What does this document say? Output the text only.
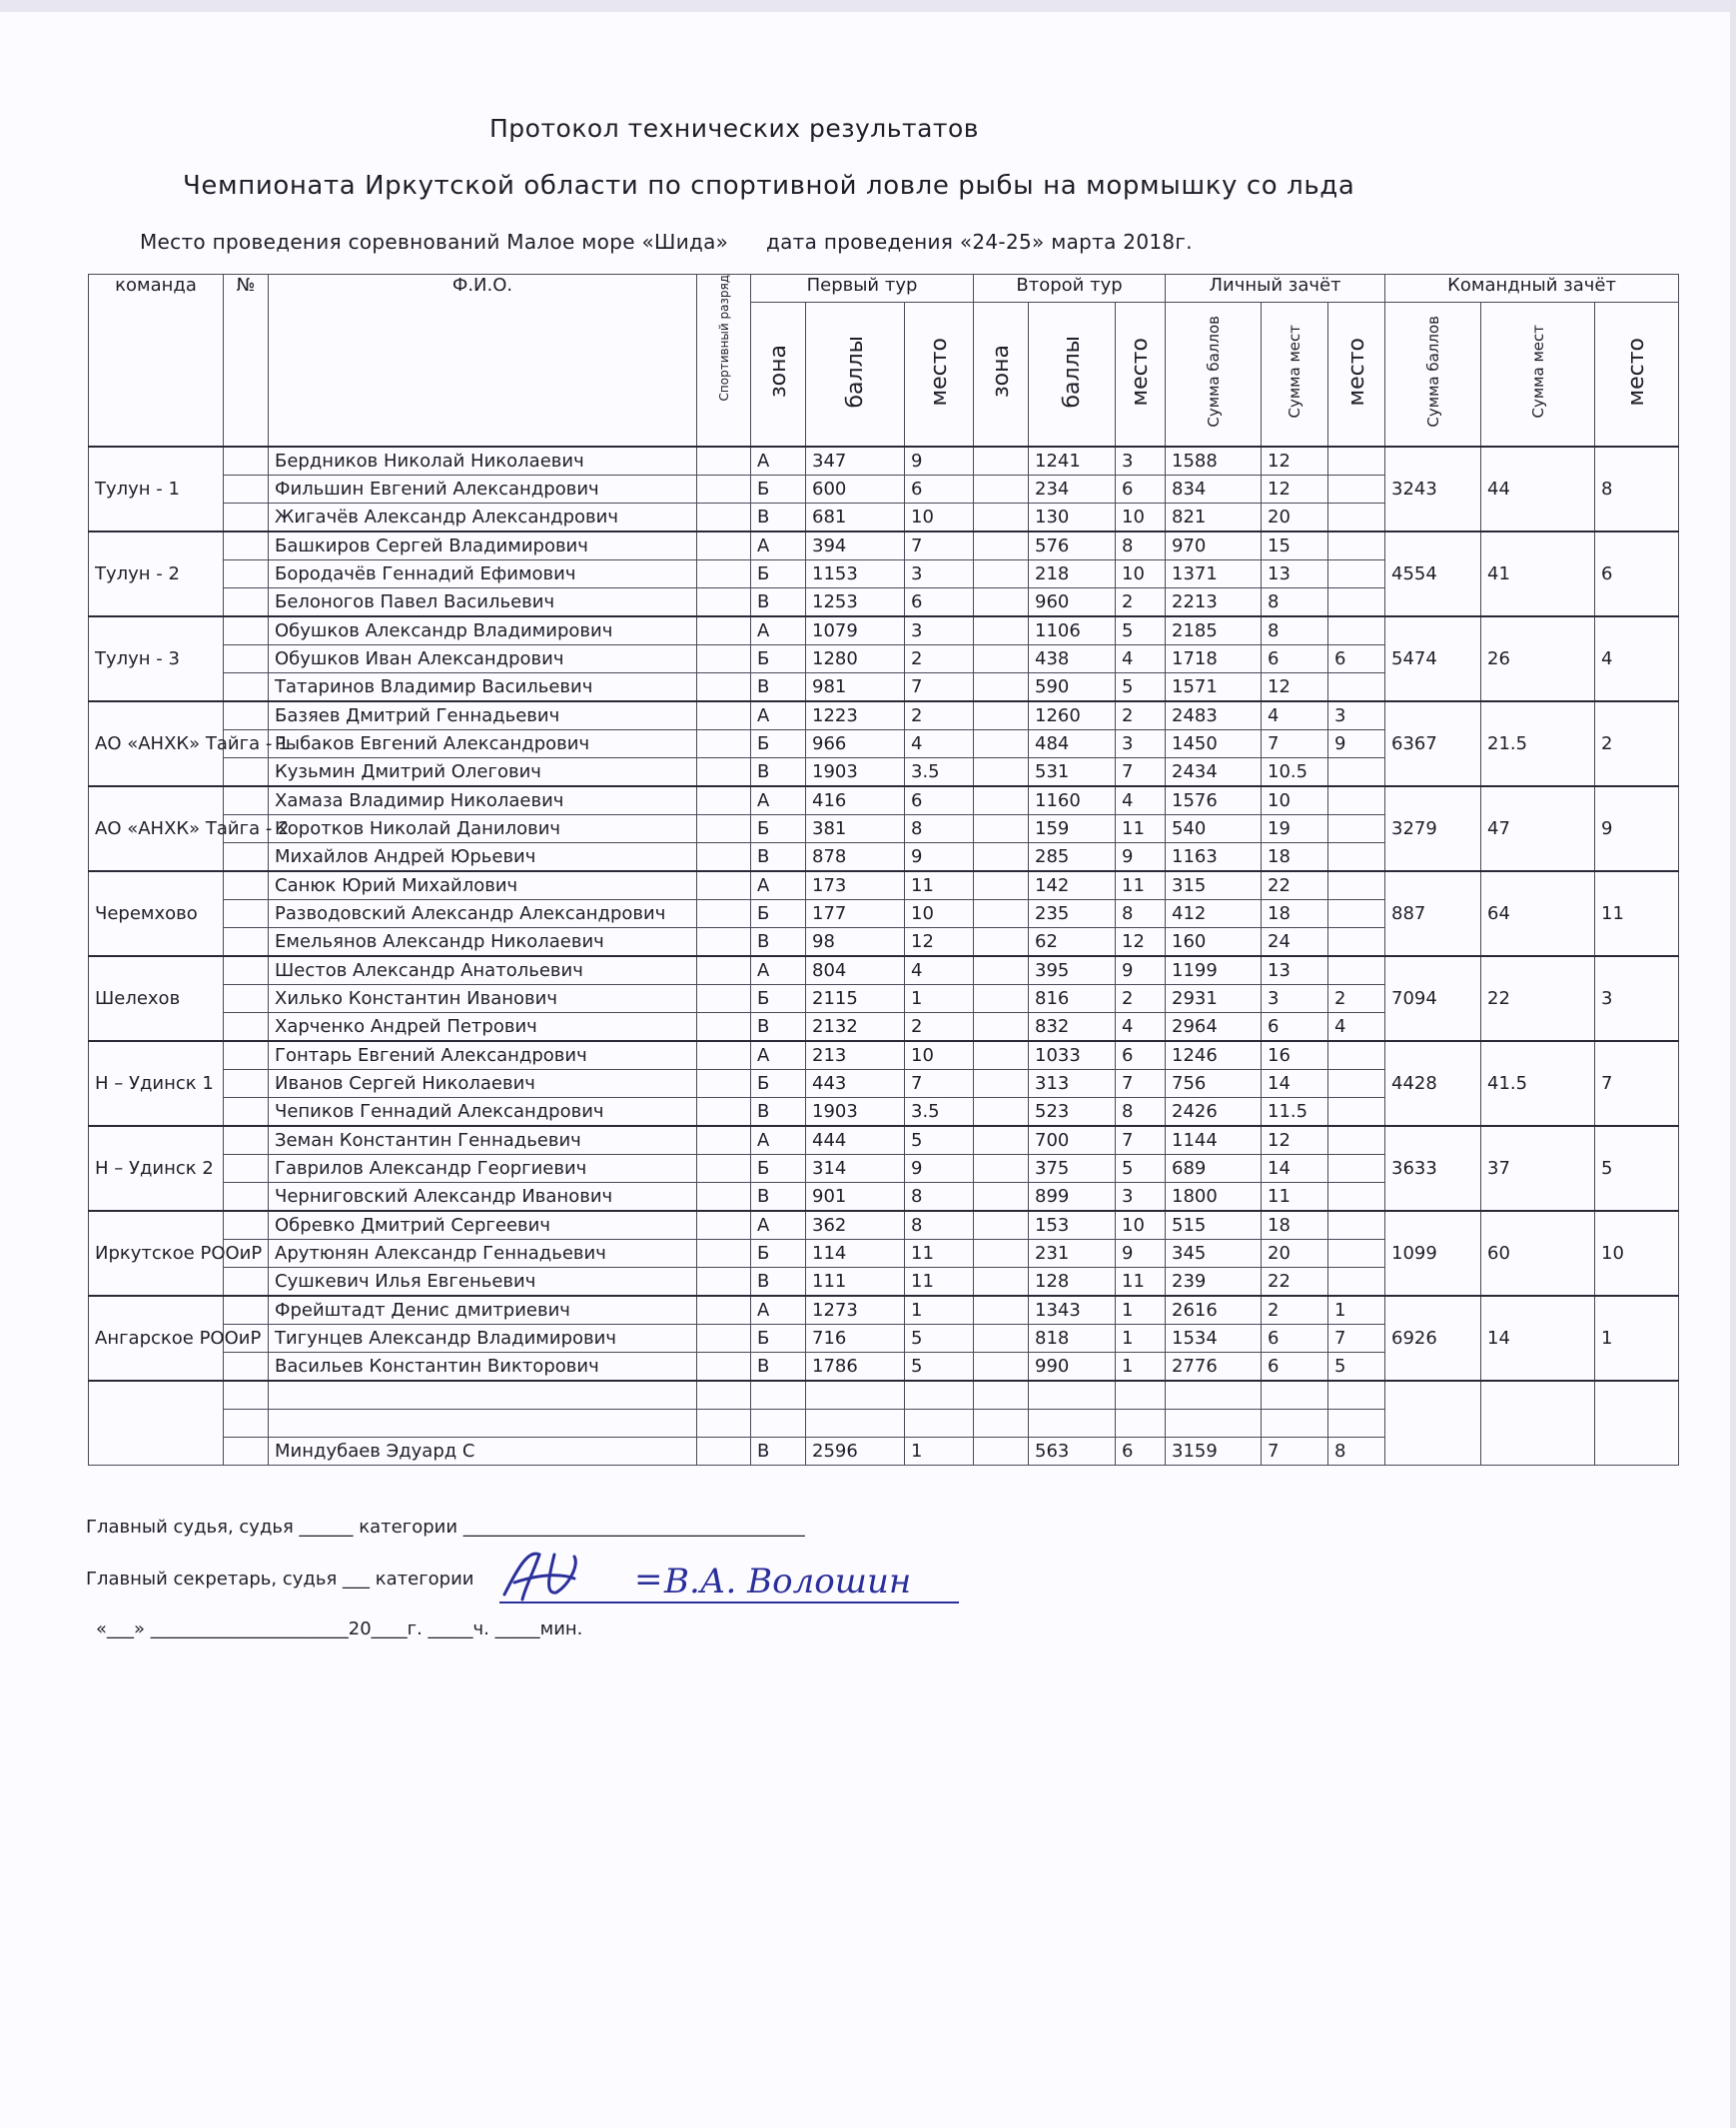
Протокол технических результатов
Чемпионата Иркутской области по спортивной ловле рыбы на мормышку со льда
Место проведения соревнований Малое море «Шида» дата проведения «24-25» марта 2018г.
команда	№	Ф.И.О.	Спортивный разряд	Первый тур			Второй тур			Личный зачёт			Командный зачёт		
				зона	баллы	место	зона	баллы	место	Сумма баллов	Сумма мест	место	Сумма баллов	Сумма мест	место
Тулун - 1		Бердников Николай Николаевич		А	347	9		1241	3	1588	12		3243	44	8
		Фильшин Евгений Александрович		Б	600	6		234	6	834	12				
		Жигачёв Александр Александрович		В	681	10		130	10	821	20				
Тулун - 2		Башкиров Сергей Владимирович		А	394	7		576	8	970	15		4554	41	6
		Бородачёв Геннадий Ефимович		Б	1153	3		218	10	1371	13				
		Белоногов Павел Васильевич		В	1253	6		960	2	2213	8				
Тулун - 3		Обушков Александр Владимирович		А	1079	3		1106	5	2185	8		5474	26	4
		Обушков Иван Александрович		Б	1280	2		438	4	1718	6	6			
		Татаринов Владимир Васильевич		В	981	7		590	5	1571	12				
АО «АНХК» Тайга - 1		Базяев Дмитрий Геннадьевич		А	1223	2		1260	2	2483	4	3	6367	21.5	2
		Рыбаков Евгений Александрович		Б	966	4		484	3	1450	7	9			
		Кузьмин Дмитрий Олегович		В	1903	3.5		531	7	2434	10.5				
АО «АНХК» Тайга - 2		Хамаза Владимир Николаевич		А	416	6		1160	4	1576	10		3279	47	9
		Коротков Николай Данилович		Б	381	8		159	11	540	19				
		Михайлов Андрей Юрьевич		В	878	9		285	9	1163	18				
Черемхово		Санюк Юрий Михайлович		А	173	11		142	11	315	22		887	64	11
		Разводовский Александр Александрович		Б	177	10		235	8	412	18				
		Емельянов Александр Николаевич		В	98	12		62	12	160	24				
Шелехов		Шестов Александр Анатольевич		А	804	4		395	9	1199	13		7094	22	3
		Хилько Константин Иванович		Б	2115	1		816	2	2931	3	2			
		Харченко Андрей Петрович		В	2132	2		832	4	2964	6	4			
Н – Удинск 1		Гонтарь Евгений Александрович		А	213	10		1033	6	1246	16		4428	41.5	7
		Иванов Сергей Николаевич		Б	443	7		313	7	756	14				
		Чепиков Геннадий Александрович		В	1903	3.5		523	8	2426	11.5				
Н – Удинск 2		Земан Константин Геннадьевич		А	444	5		700	7	1144	12		3633	37	5
		Гаврилов Александр Георгиевич		Б	314	9		375	5	689	14				
		Черниговский Александр Иванович		В	901	8		899	3	1800	11				
Иркутское РООиР		Обревко Дмитрий Сергеевич		А	362	8		153	10	515	18		1099	60	10
		Арутюнян Александр Геннадьевич		Б	114	11		231	9	345	20				
		Сушкевич Илья Евгеньевич		В	111	11		128	11	239	22				
Ангарское РООиР		Фрейштадт Денис дмитриевич		А	1273	1		1343	1	2616	2	1	6926	14	1
		Тигунцев Александр Владимирович		Б	716	5		818	1	1534	6	7			
		Васильев Константин Викторович		В	1786	5		990	1	2776	6	5			

		Миндубаев Эдуард С		В	2596	1		563	6	3159	7	8			
Главный судья, судья ______ категории ______________________________________
Главный секретарь, судья ___ категории
«___» ______________________20____г. _____ч. _____мин.
= В.А. Волошин
